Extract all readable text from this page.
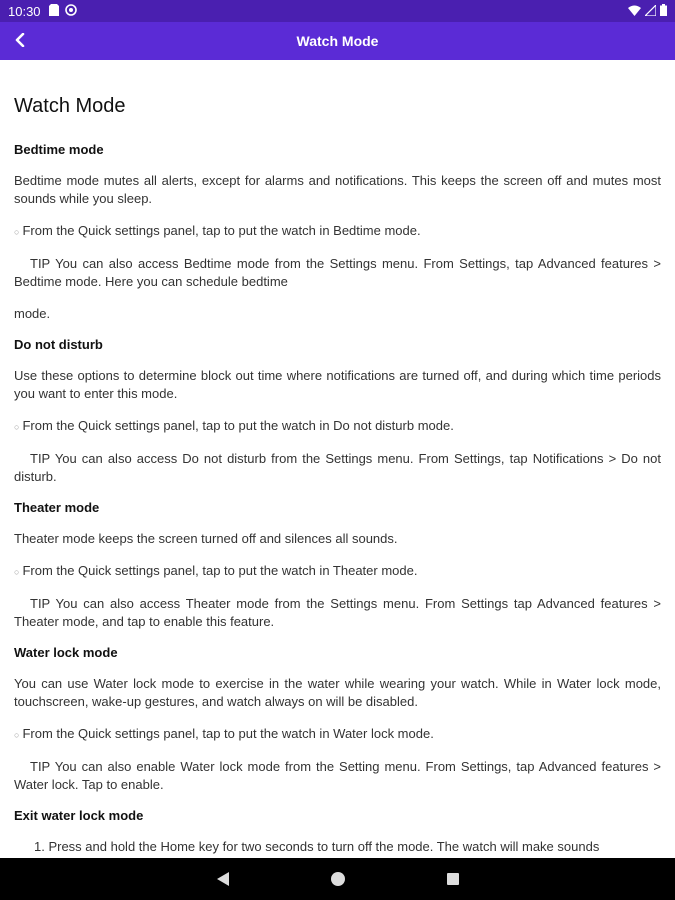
10:30
Watch Mode
Watch Mode
Bedtime mode

Bedtime mode mutes all alerts, except for alarms and notifications. This keeps the screen off and mutes most sounds while you sleep.

○ From the Quick settings panel, tap to put the watch in Bedtime mode.

TIP You can also access Bedtime mode from the Settings menu. From Settings, tap Advanced features > Bedtime mode. Here you can schedule bedtime

mode.

Do not disturb

Use these options to determine block out time where notifications are turned off, and during which time periods you want to enter this mode.

○ From the Quick settings panel, tap to put the watch in Do not disturb mode.

TIP You can also access Do not disturb from the Settings menu. From Settings, tap Notifications > Do not disturb.

Theater mode

Theater mode keeps the screen turned off and silences all sounds.

○ From the Quick settings panel, tap to put the watch in Theater mode.

TIP You can also access Theater mode from the Settings menu. From Settings tap Advanced features > Theater mode, and tap to enable this feature.

Water lock mode

You can use Water lock mode to exercise in the water while wearing your watch. While in Water lock mode, touchscreen, wake-up gestures, and watch always on will be disabled.

○ From the Quick settings panel, tap to put the watch in Water lock mode.

TIP You can also enable Water lock mode from the Setting menu. From Settings, tap Advanced features > Water lock. Tap to enable.

Exit water lock mode

1. Press and hold the Home key for two seconds to turn off the mode. The watch will make sounds
